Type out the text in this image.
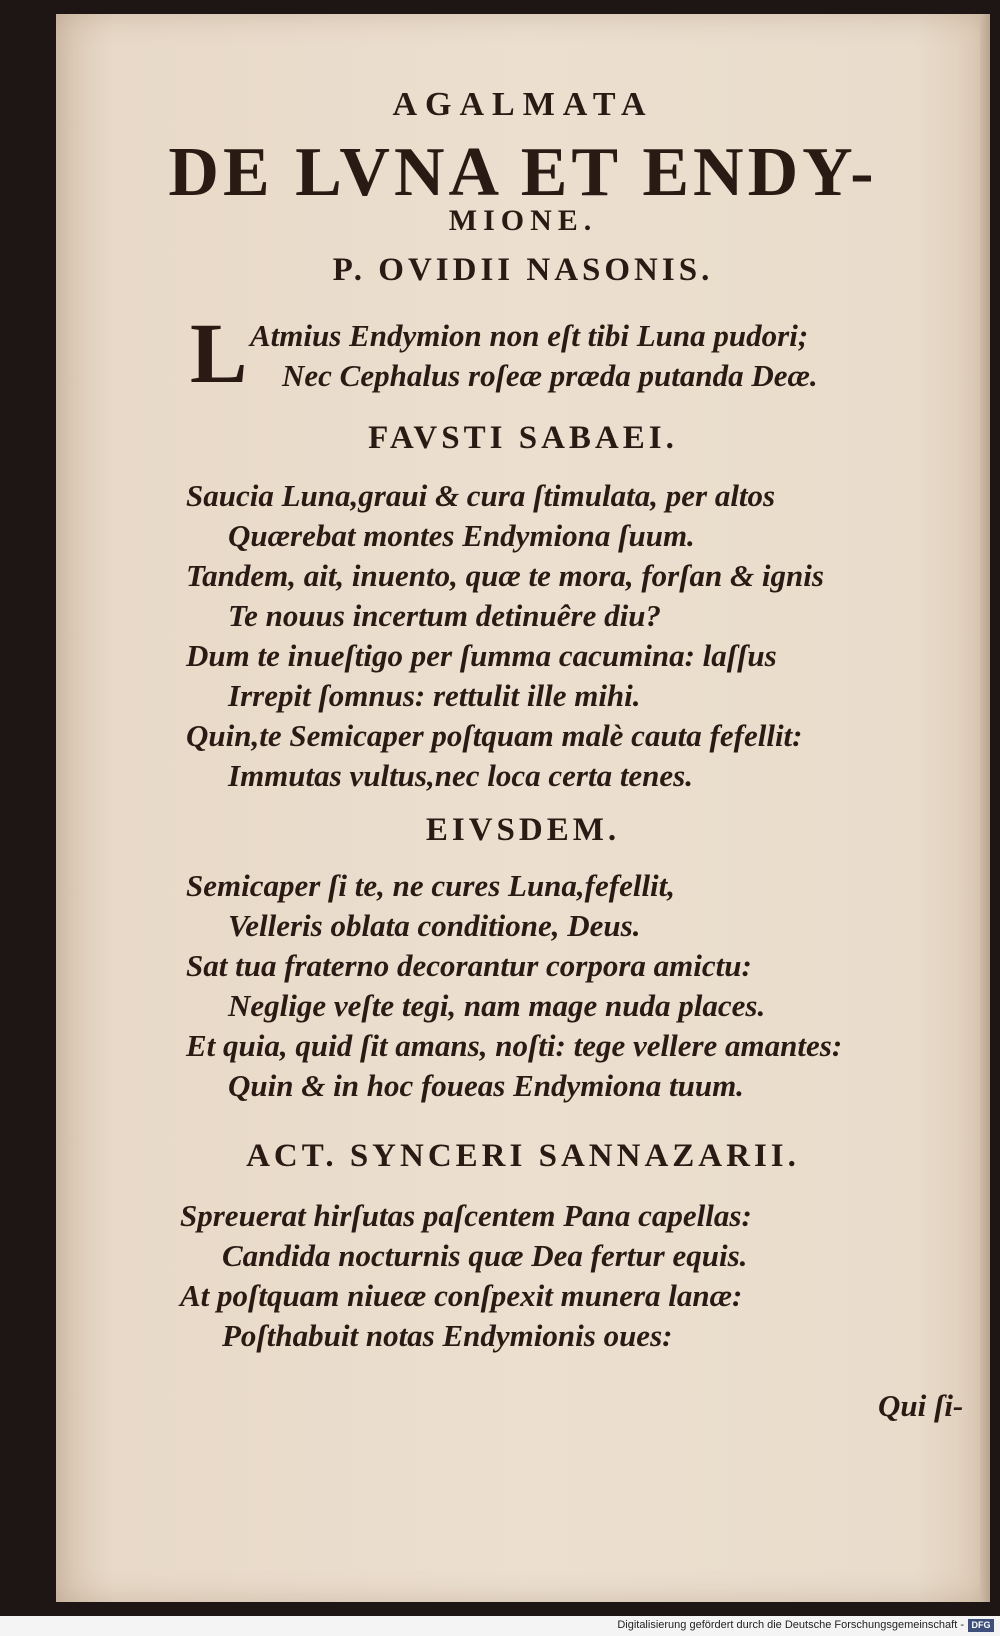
AGALMATA
DE LVNA ET ENDY-
MIONE.
P. OVIDII NASONIS.
L Atmius Endymion non eſt tibi Luna pudori;
Nec Cephalus roſeæ præda putanda Deæ.
FAVSTI SABAEI.
Saucia Luna,graui & cura ſtimulata, per altos
Quærebat montes Endymiona ſuum.
Tandem, ait, inuento, quæ te mora, forſan & ignis
Te nouus incertum detinuêre diu?
Dum te inueſtigo per ſumma cacumina: laſſus
Irrepit ſomnus: rettulit ille mihi.
Quin,te Semicaper poſtquam malè cauta fefellit:
Immutas vultus,nec loca certa tenes.
EIVSDEM.
Semicaper ſi te, ne cures Luna,fefellit,
Velleris oblata conditione, Deus.
Sat tua fraterno decorantur corpora amictu:
Neglige veſte tegi, nam mage nuda places.
Et quia, quid ſit amans, noſti: tege vellere amantes:
Quin & in hoc foueas Endymiona tuum.
ACT. SYNCERI SANNAZARII.
Spreuerat hirſutas paſcentem Pana capellas:
Candida nocturnis quæ Dea fertur equis.
At poſtquam niueæ conſpexit munera lanæ:
Poſthabuit notas Endymionis oues:
Qui ſi-
Digitalisierung gefördert durch die Deutsche Forschungsgemeinschaft - DFG
